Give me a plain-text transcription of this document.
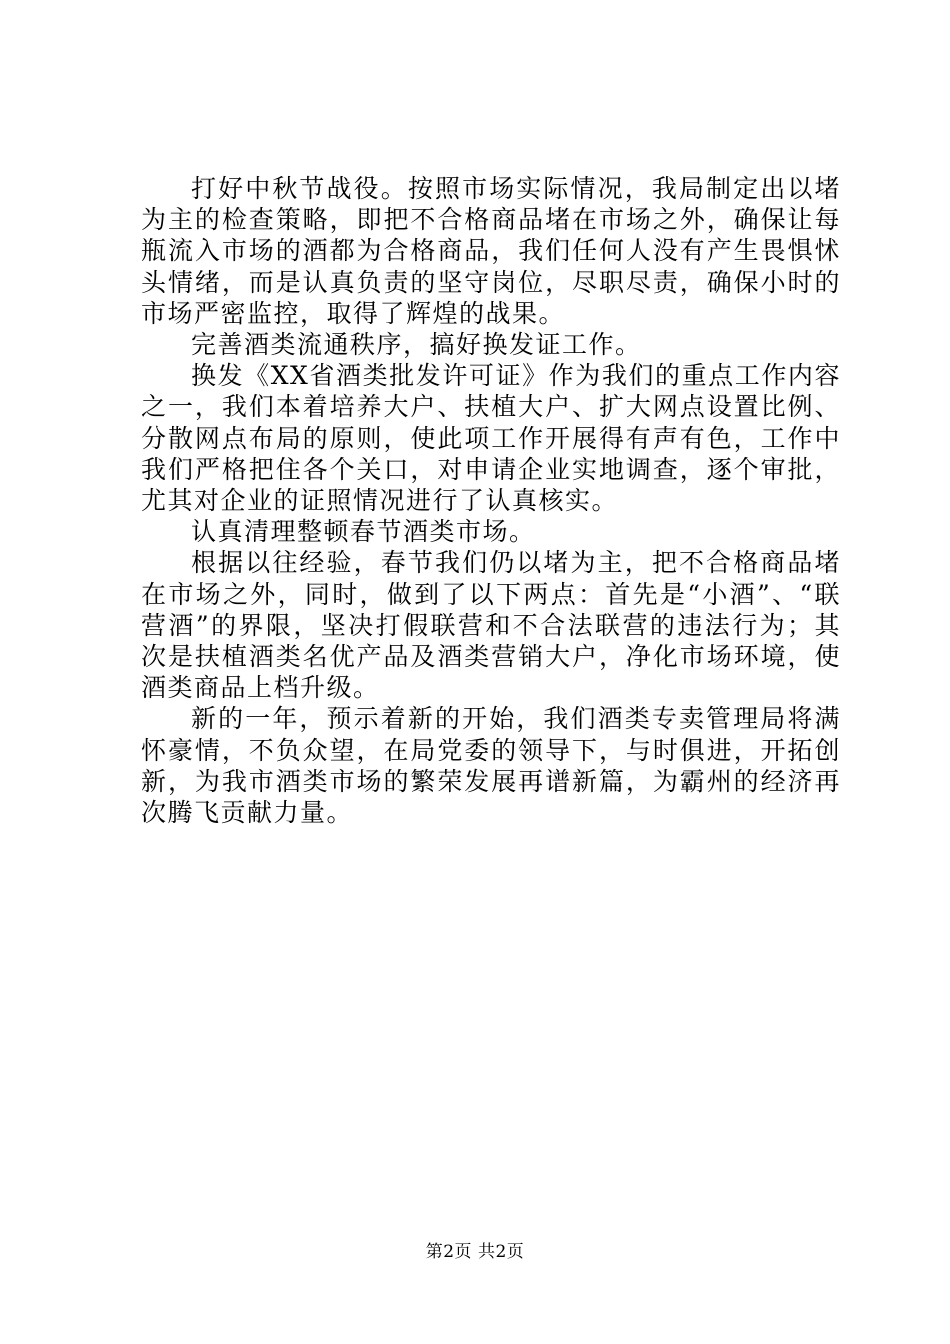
打好中秋节战役。按照市场实际情况，我局制定出以堵为主的检查策略，即把不合格商品堵在市场之外，确保让每瓶流入市场的酒都为合格商品，我们任何人没有产生畏惧怵头情绪，而是认真负责的坚守岗位，尽职尽责，确保小时的市场严密监控，取得了辉煌的战果。

完善酒类流通秩序，搞好换发证工作。

换发《XX省酒类批发许可证》作为我们的重点工作内容之一，我们本着培养大户、扶植大户、扩大网点设置比例、分散网点布局的原则，使此项工作开展得有声有色，工作中我们严格把住各个关口，对申请企业实地调查，逐个审批，尤其对企业的证照情况进行了认真核实。

认真清理整顿春节酒类市场。

根据以往经验，春节我们仍以堵为主，把不合格商品堵在市场之外，同时，做到了以下两点：首先是“小酒”、“联营酒”的界限，坚决打假联营和不合法联营的违法行为；其次是扶植酒类名优产品及酒类营销大户，净化市场环境，使酒类商品上档升级。

新的一年，预示着新的开始，我们酒类专卖管理局将满怀豪情，不负众望，在局党委的领导下，与时俱进，开拓创新，为我市酒类市场的繁荣发展再谱新篇，为霸州的经济再次腾飞贡献力量。

第2页 共2页
